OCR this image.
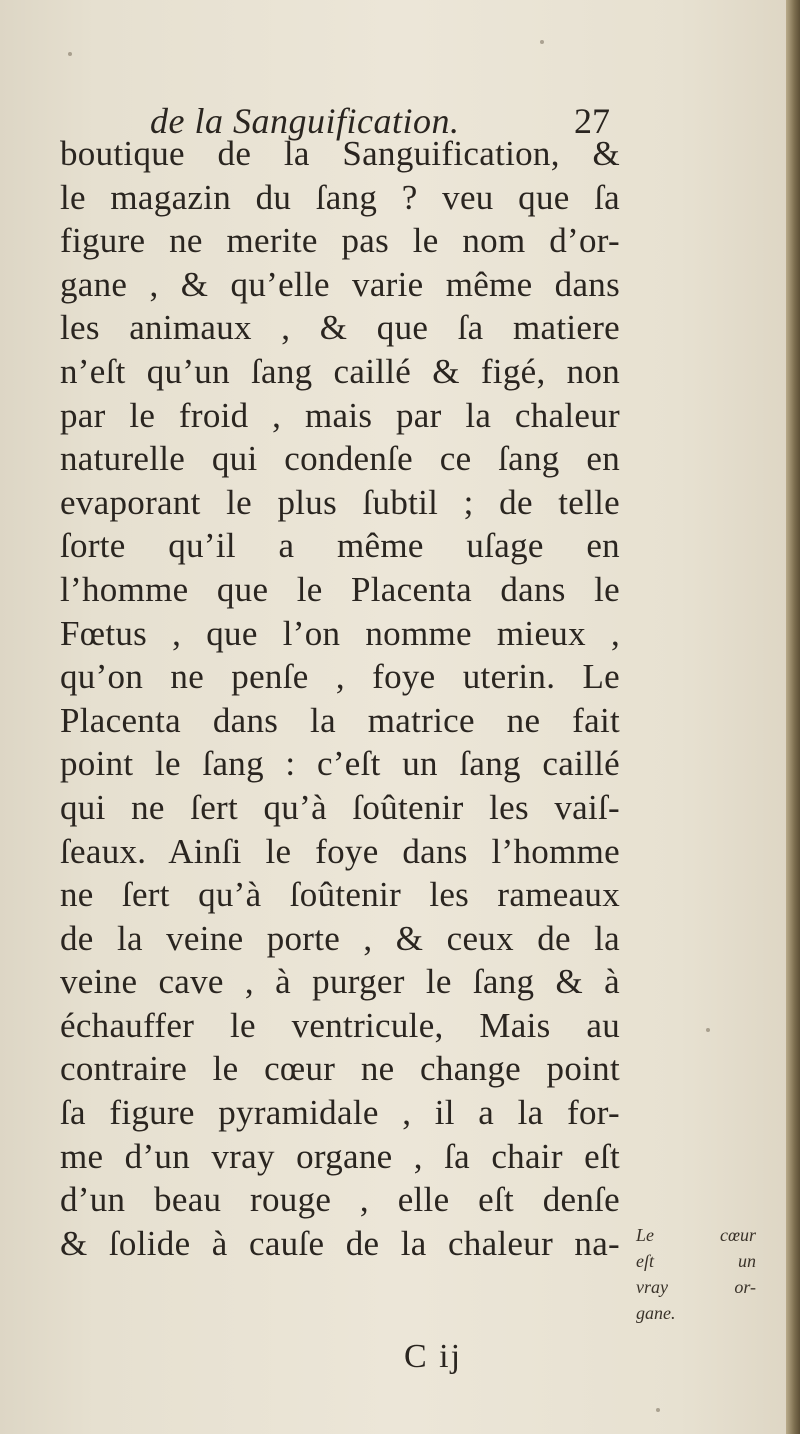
de la Sanguification.	27
boutique de la Sanguification, &
le magazin du ſang ? veu que ſa
figure ne merite pas le nom d’or-
gane , & qu’elle varie même dans
les animaux , & que ſa matiere
n’eſt qu’un ſang caillé & figé, non
par le froid , mais par la chaleur
naturelle qui condenſe ce ſang en
evaporant le plus ſubtil ; de telle
ſorte qu’il a même uſage en
l’homme que le Placenta dans le
Fœtus , que l’on nomme mieux ,
qu’on ne penſe , foye uterin. Le
Placenta dans la matrice ne fait
point le ſang : c’eſt un ſang caillé
qui ne ſert qu’à ſoûtenir les vaiſ-
ſeaux. Ainſi le foye dans l’homme
ne ſert qu’à ſoûtenir les rameaux
de la veine porte , & ceux de la
veine cave , à purger le ſang & à
échauffer le ventricule, Mais au
contraire le cœur ne change point
ſa figure pyramidale , il a la for-
me d’un vray organe , ſa chair eſt
d’un beau rouge , elle eſt denſe
& ſolide à cauſe de la chaleur na- Le cœur
eſt un
vray or-
gane.
C ij
